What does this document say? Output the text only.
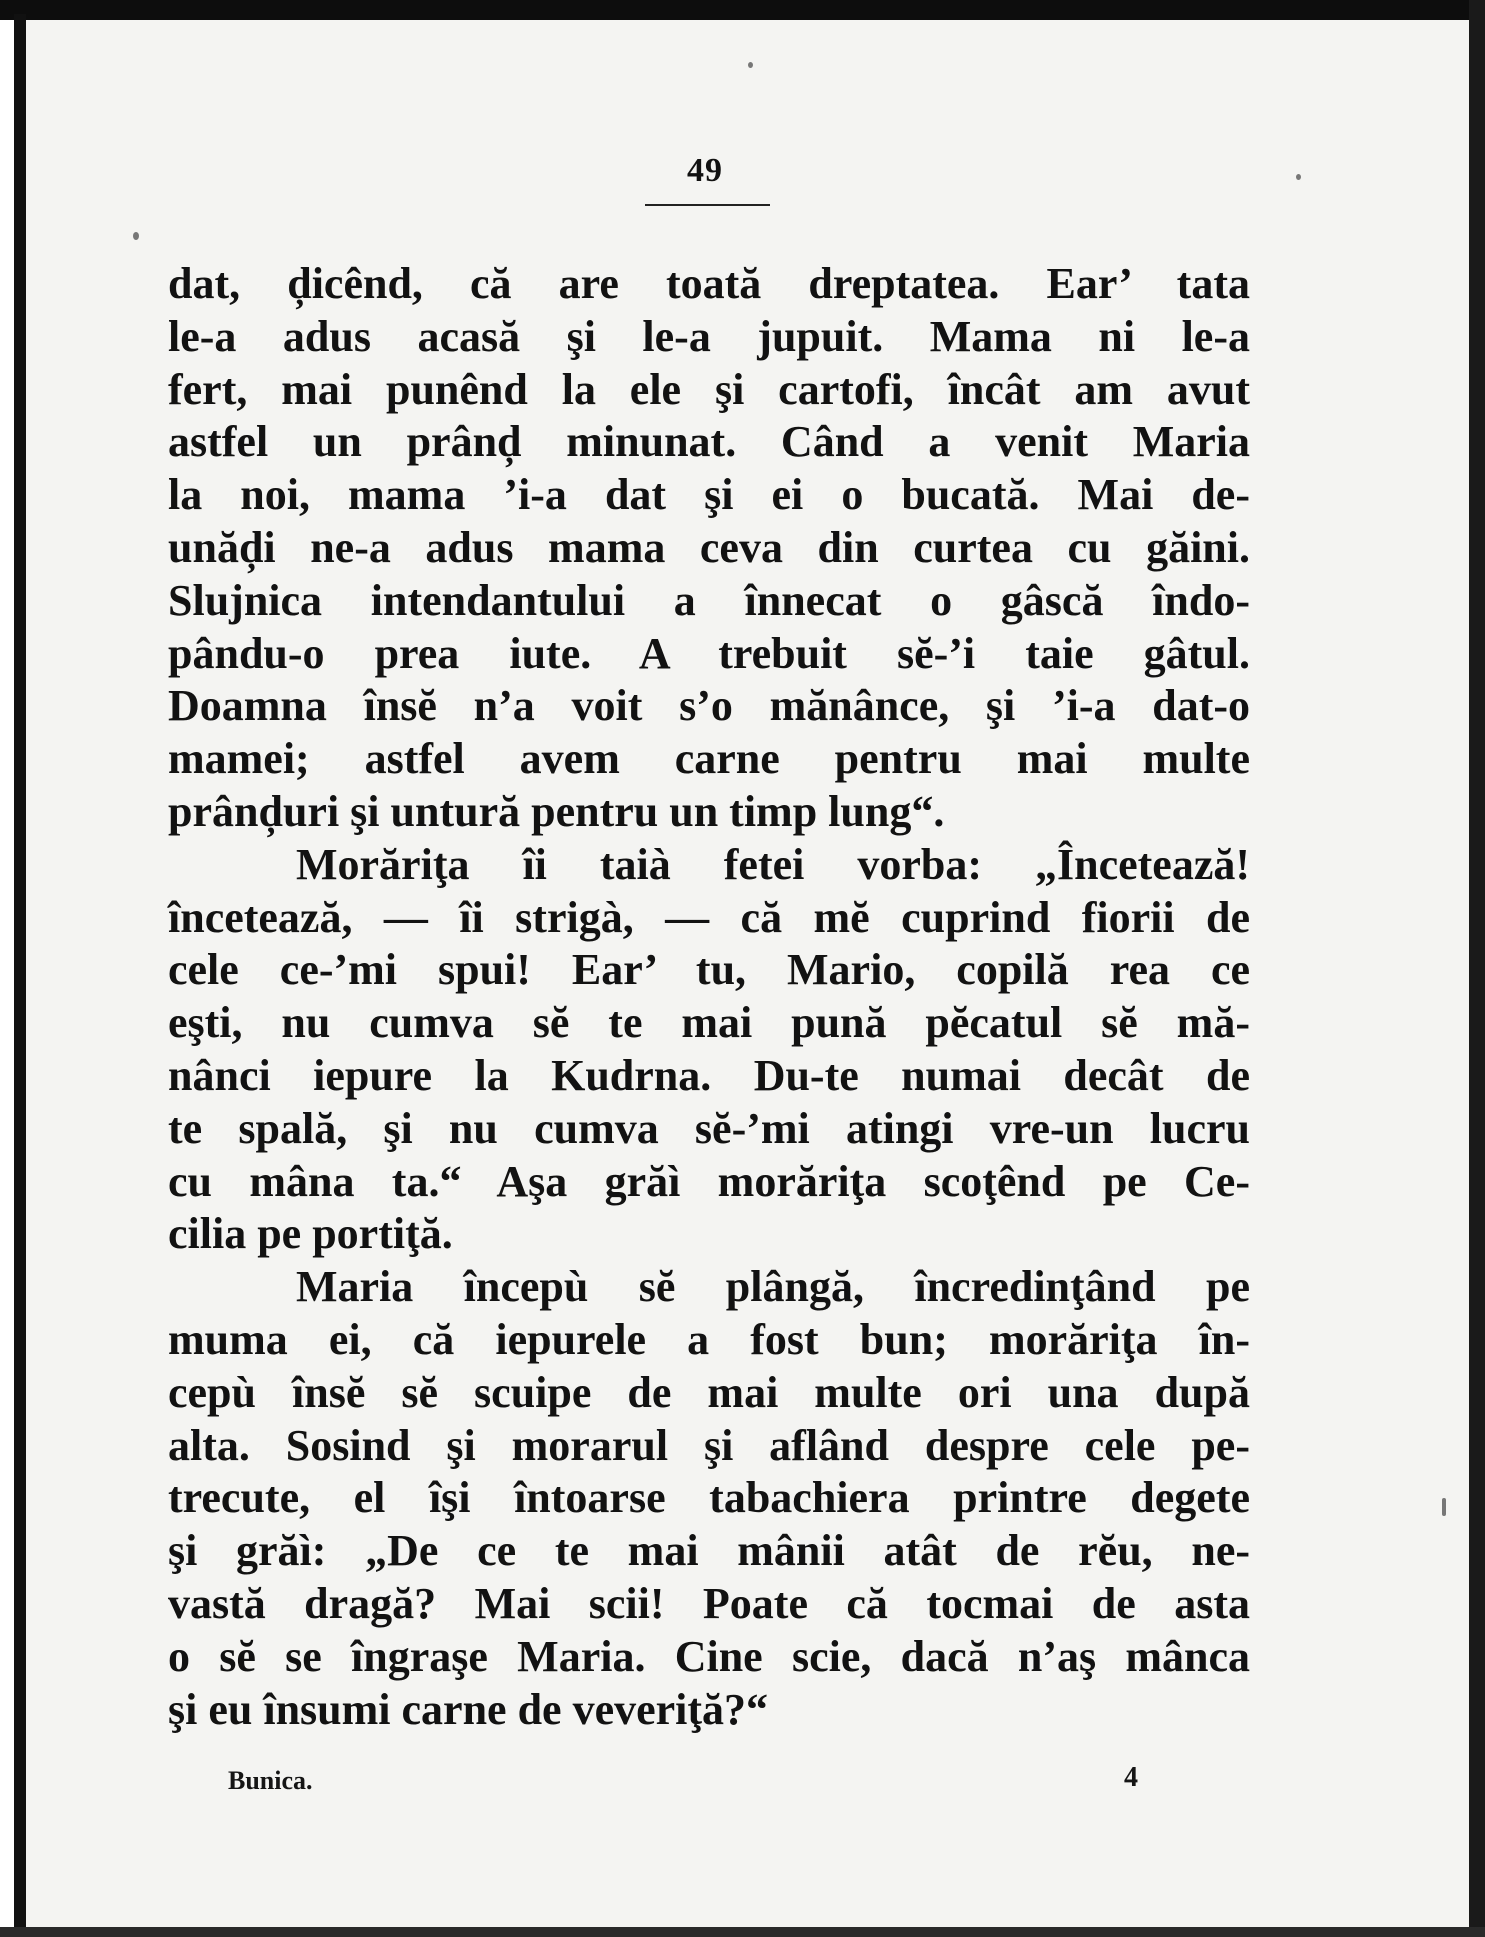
49
dat, ḑicênd, că are toată dreptatea. Ear’ tata
le-a adus acasă şi le-a jupuit. Mama ni le-a
fert, mai punênd la ele şi cartofi, încât am avut
astfel un prânḑ minunat. Când a venit Maria
la noi, mama ’i-a dat şi ei o bucată. Mai de-
unăḑi ne-a adus mama ceva din curtea cu găini.
Slujnica intendantului a înnecat o gâscă îndo-
pându-o prea iute. A trebuit sĕ-’i taie gâtul.
Doamna însĕ n’a voit s’o mănânce, şi ’i-a dat-o
mamei; astfel avem carne pentru mai multe
prânḑuri şi untură pentru un timp lung“.
Morăriţa îi taià fetei vorba: „Încetează!
încetează, — îi strigà, — că mĕ cuprind fiorii de
cele ce-’mi spui! Ear’ tu, Mario, copilă rea ce
eşti, nu cumva sĕ te mai pună pĕcatul sĕ mă-
nânci iepure la Kudrna. Du-te numai decât de
te spală, şi nu cumva sĕ-’mi atingi vre-un lucru
cu mâna ta.“ Aşa grăì morăriţa scoţênd pe Ce-
cilia pe portiţă.
Maria începù sĕ plângă, încredinţând pe
muma ei, că iepurele a fost bun; morăriţa în-
cepù însĕ sĕ scuipe de mai multe ori una după
alta. Sosind şi morarul şi aflând despre cele pe-
trecute, el îşi întoarse tabachiera printre degete
şi grăì: „De ce te mai mânii atât de rĕu, ne-
vastă dragă? Mai scii! Poate că tocmai de asta
o sĕ se îngraşe Maria. Cine scie, dacă n’aş mânca
şi eu însumi carne de veveriţă?“
Bunica.	4
